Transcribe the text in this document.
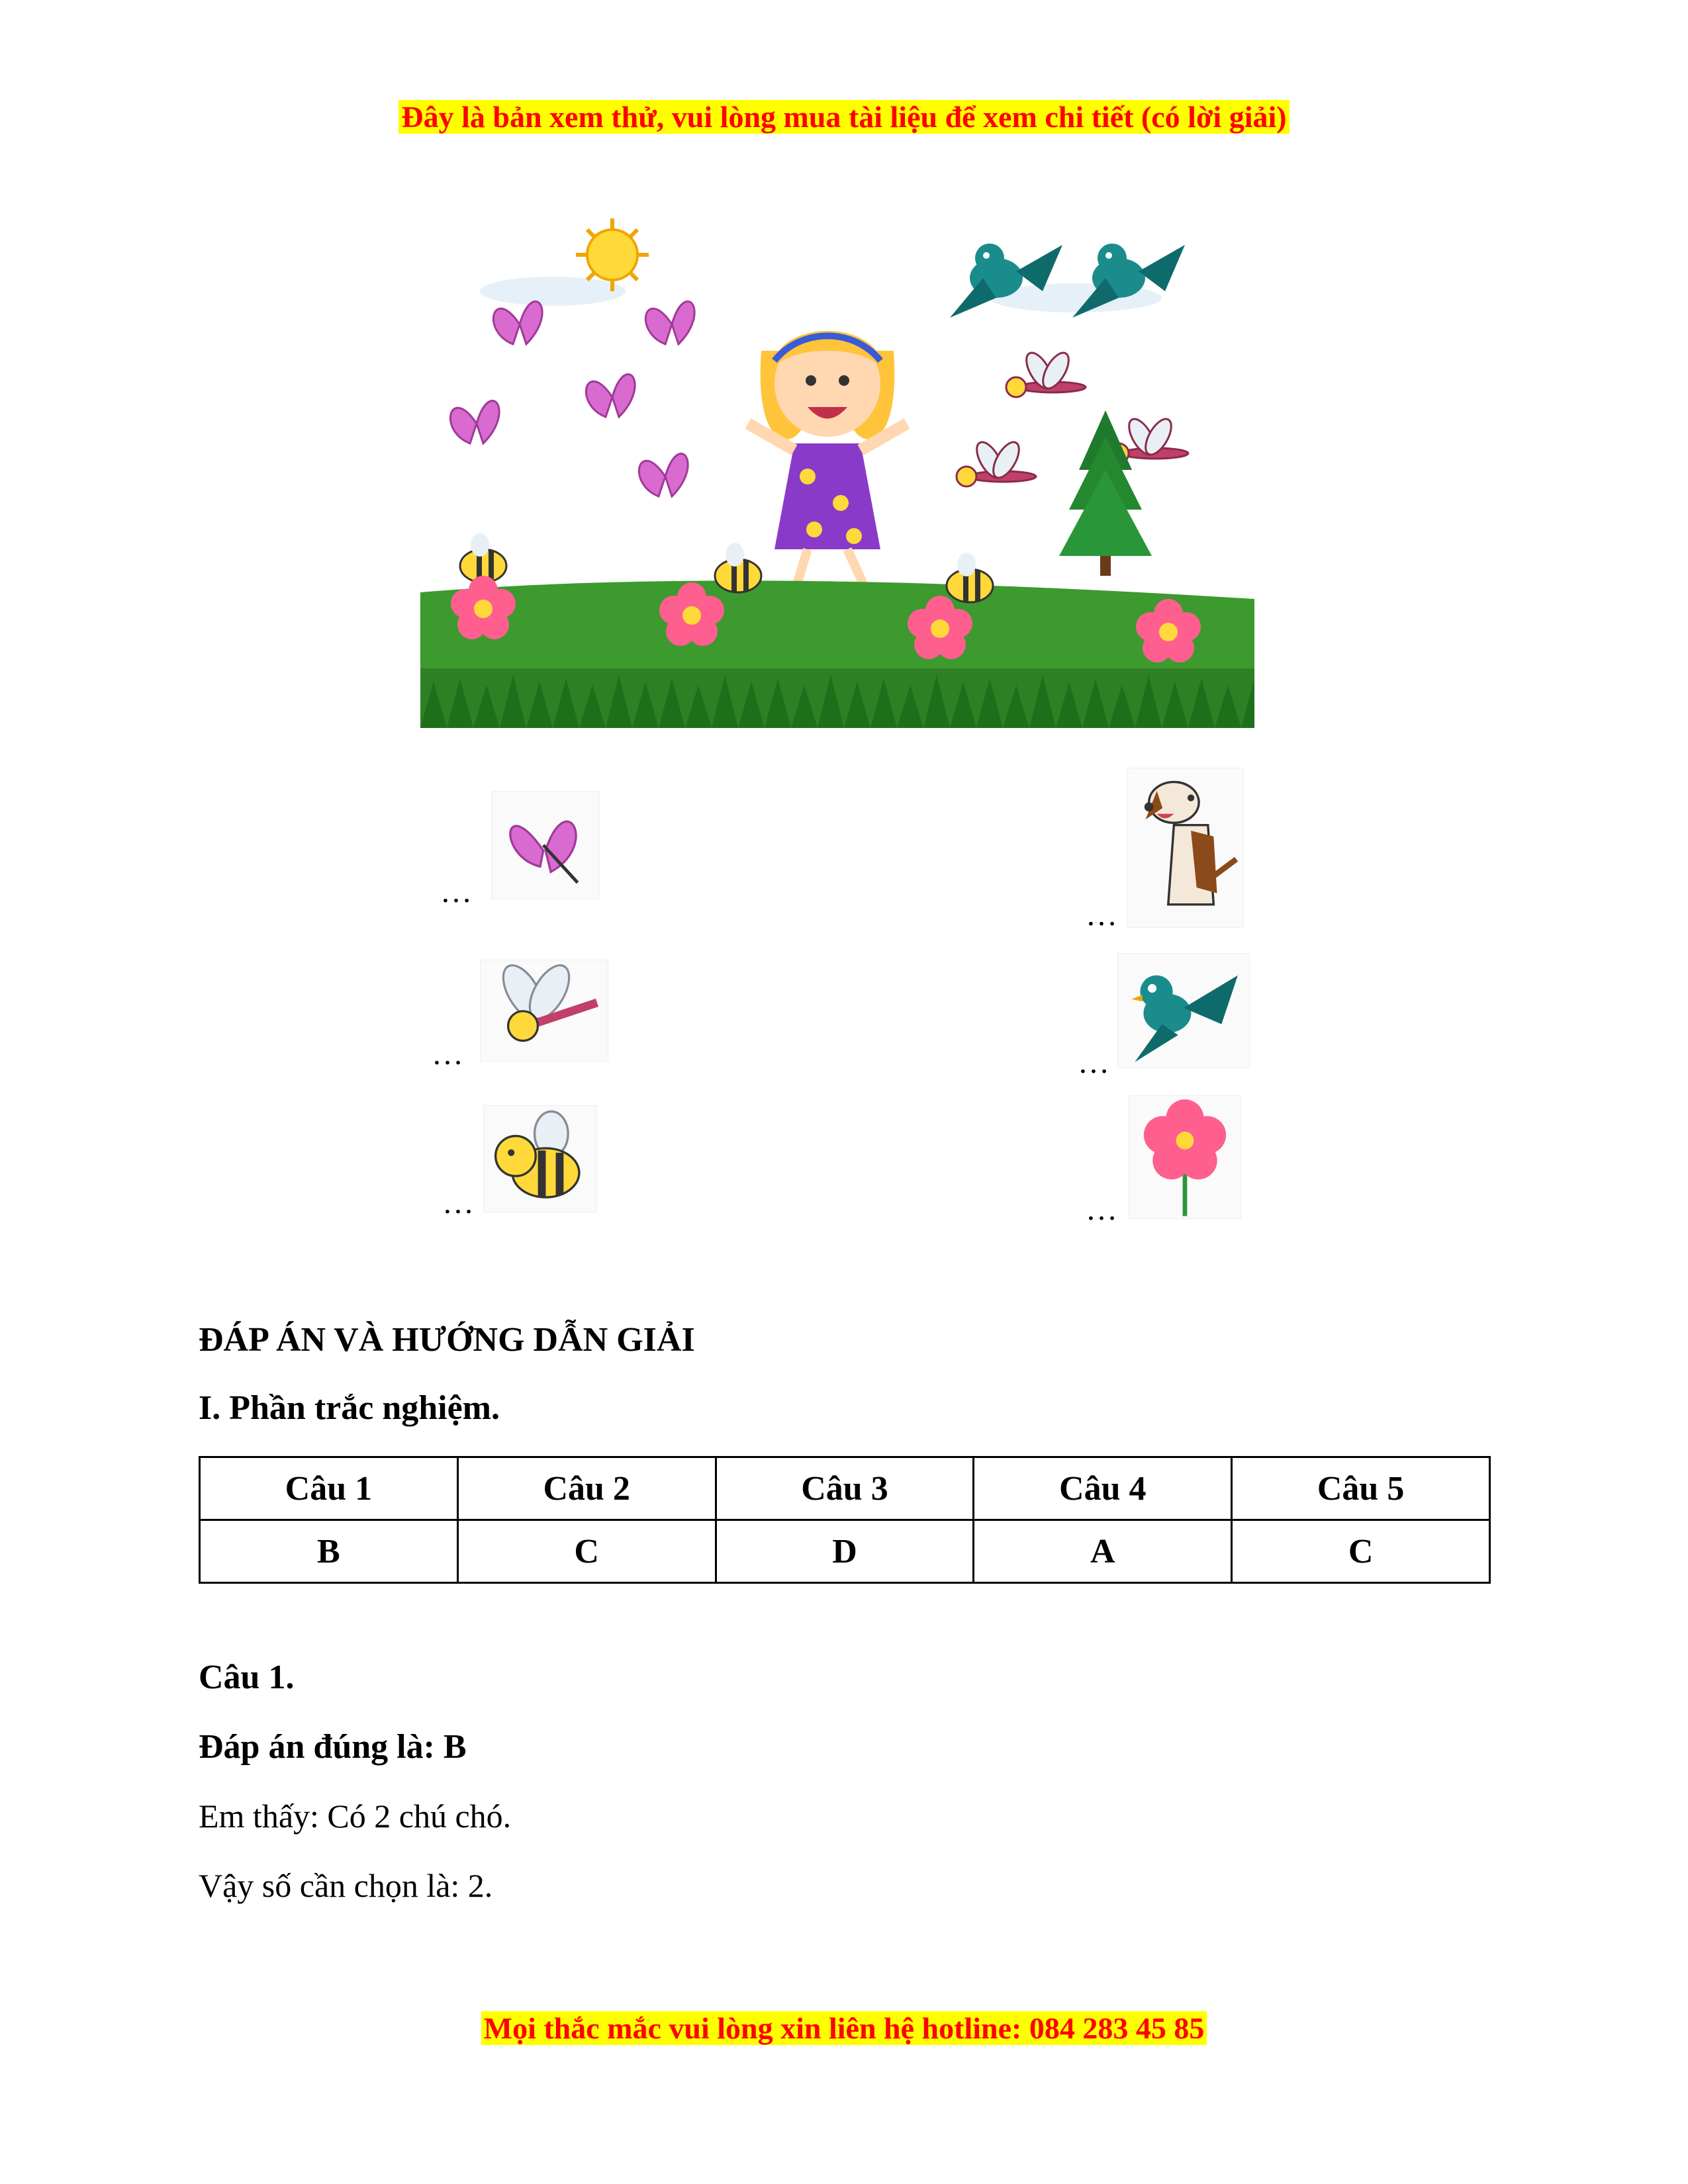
Đây là bản xem thử, vui lòng mua tài liệu để xem chi tiết (có lời giải)
…
…
…	…
…	…
ĐÁP ÁN VÀ HƯỚNG DẪN GIẢI
I. Phần trắc nghiệm.
Câu 1	Câu 2	Câu 3	Câu 4	Câu 5
B	C	D	A	C
Câu 1.
Đáp án đúng là: B
Em thấy: Có 2 chú chó.
Vậy số cần chọn là: 2.
Mọi thắc mắc vui lòng xin liên hệ hotline: 084 283 45 85
